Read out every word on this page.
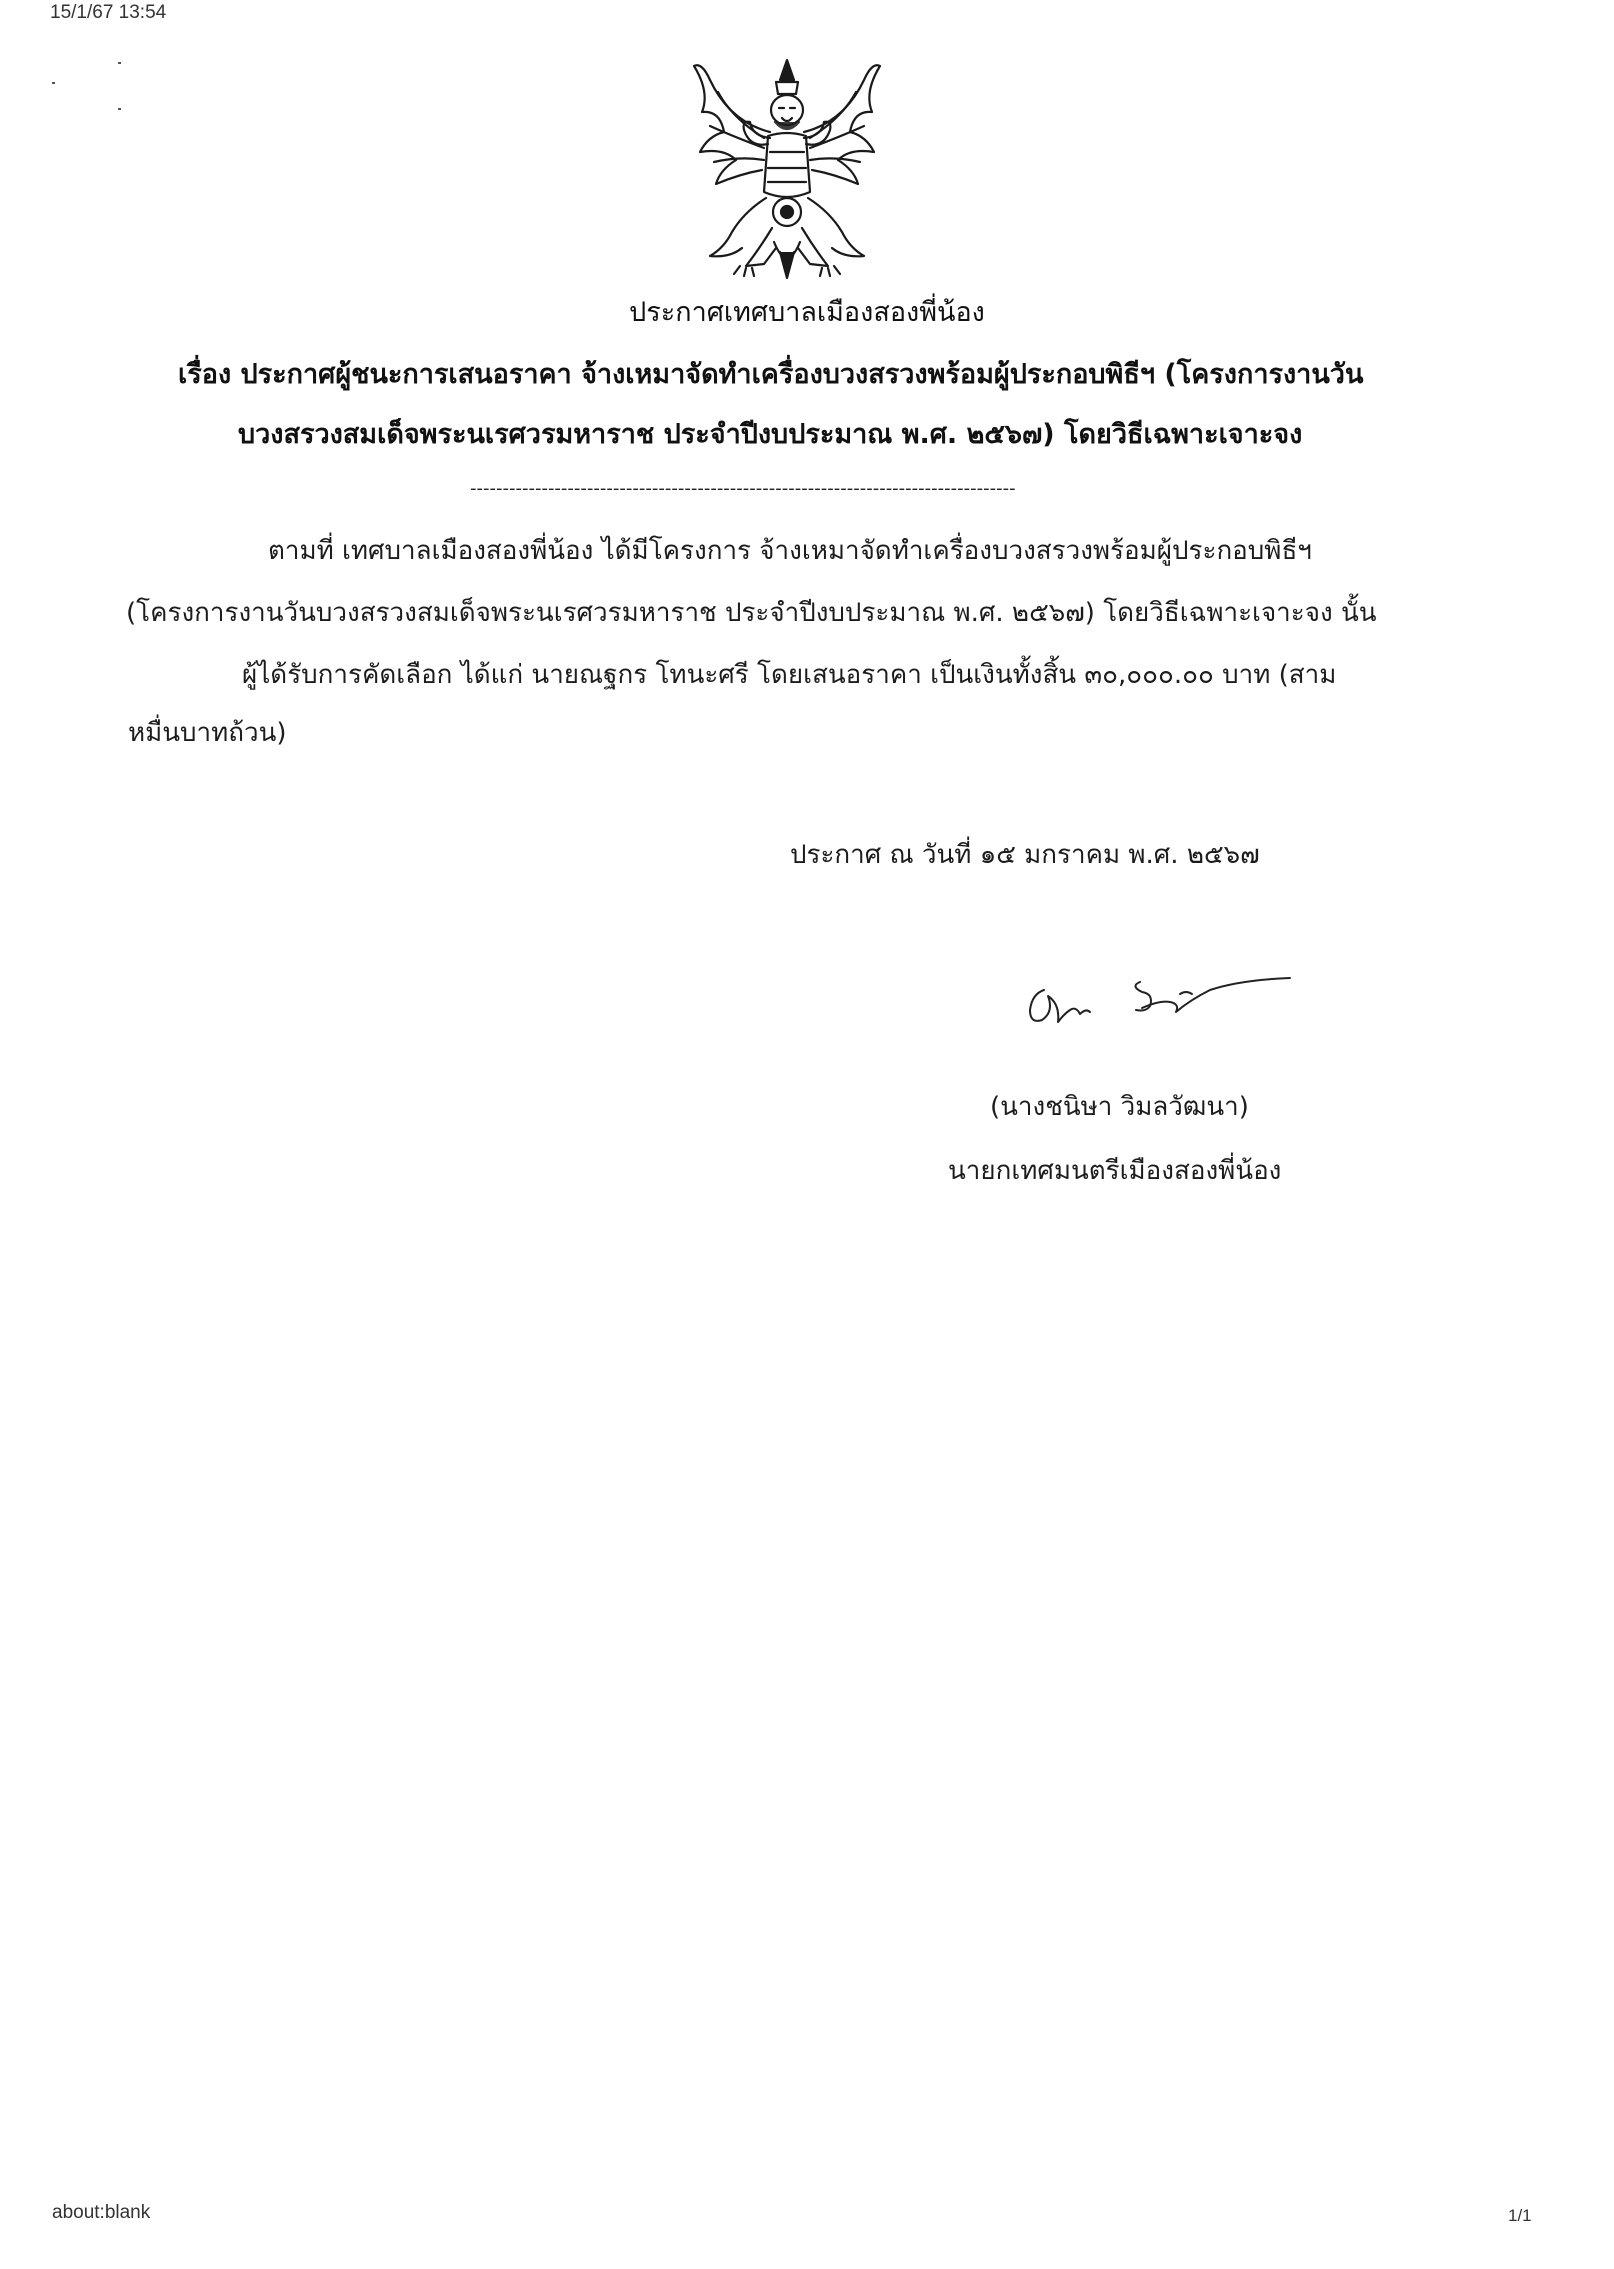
15/1/67 13:54
ประกาศเทศบาลเมืองสองพี่น้อง
เรื่อง ประกาศผู้ชนะการเสนอราคา จ้างเหมาจัดทำเครื่องบวงสรวงพร้อมผู้ประกอบพิธีฯ (โครงการงานวัน
บวงสรวงสมเด็จพระนเรศวรมหาราช ประจำปีงบประมาณ พ.ศ. ๒๕๖๗) โดยวิธีเฉพาะเจาะจง
------------------------------------------------------------------------------------
ตามที่ เทศบาลเมืองสองพี่น้อง ได้มีโครงการ จ้างเหมาจัดทำเครื่องบวงสรวงพร้อมผู้ประกอบพิธีฯ
(โครงการงานวันบวงสรวงสมเด็จพระนเรศวรมหาราช ประจำปีงบประมาณ พ.ศ. ๒๕๖๗) โดยวิธีเฉพาะเจาะจง นั้น
ผู้ได้รับการคัดเลือก ได้แก่ นายณฐกร โทนะศรี โดยเสนอราคา เป็นเงินทั้งสิ้น ๓๐,๐๐๐.๐๐ บาท (สาม
หมื่นบาทถ้วน)
ประกาศ ณ วันที่ ๑๕ มกราคม พ.ศ. ๒๕๖๗
(นางชนิษา วิมลวัฒนา)
นายกเทศมนตรีเมืองสองพี่น้อง
about:blank	1/1
